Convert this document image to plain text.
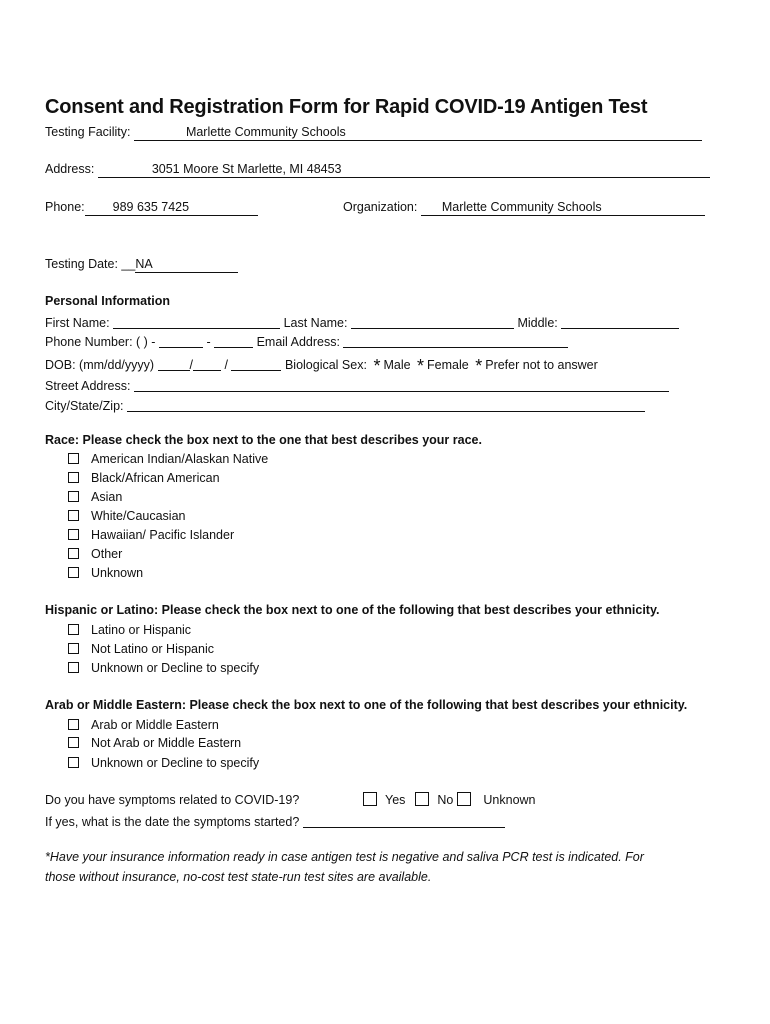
Consent and Registration Form for Rapid COVID-19 Antigen Test
Testing Facility:	Marlette Community Schools
Address:	3051 Moore St Marlette, MI 48453
Phone: 989 635 7425	Organization: Marlette Community Schools
Testing Date: __NA
Personal Information
First Name:	Last Name:	Middle:
Phone Number: ( ) -	-	Email Address:
DOB: (mm/dd/yyyy)	/	/	Biological Sex: * Male * Female * Prefer not to answer
Street Address:
City/State/Zip:
Race: Please check the box next to the one that best describes your race.
American Indian/Alaskan Native
Black/African American
Asian
White/Caucasian
Hawaiian/ Pacific Islander
Other
Unknown
Hispanic or Latino: Please check the box next to one of the following that best describes your ethnicity.
Latino or Hispanic
Not Latino or Hispanic
Unknown or Decline to specify
Arab or Middle Eastern: Please check the box next to one of the following that best describes your ethnicity.
Arab or Middle Eastern
Not Arab or Middle Eastern
Unknown or Decline to specify
Do you have symptoms related to COVID-19?	Yes	No Unknown
If yes, what is the date the symptoms started?
*Have your insurance information ready in case antigen test is negative and saliva PCR test is indicated. For
those without insurance, no-cost test state-run test sites are available.
